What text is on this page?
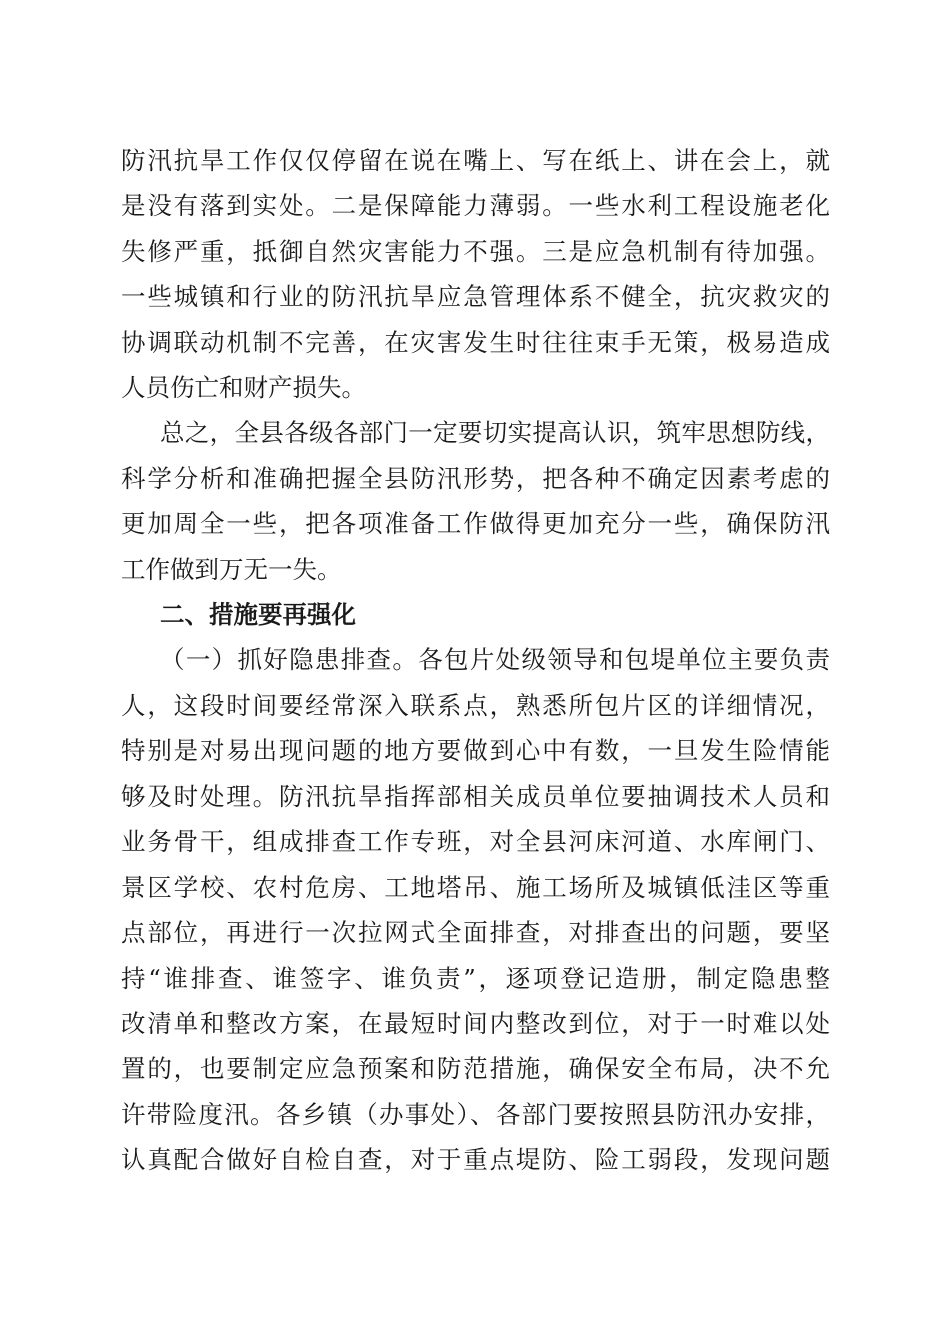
防汛抗旱工作仅仅停留在说在嘴上、写在纸上、讲在会上，就
是没有落到实处。二是保障能力薄弱。一些水利工程设施老化
失修严重，抵御自然灾害能力不强。三是应急机制有待加强。
一些城镇和行业的防汛抗旱应急管理体系不健全，抗灾救灾的
协调联动机制不完善，在灾害发生时往往束手无策，极易造成
人员伤亡和财产损失。
总之，全县各级各部门一定要切实提高认识，筑牢思想防线，
科学分析和准确把握全县防汛形势，把各种不确定因素考虑的
更加周全一些，把各项准备工作做得更加充分一些，确保防汛
工作做到万无一失。
二、措施要再强化
（一）抓好隐患排查。各包片处级领导和包堤单位主要负责
人，这段时间要经常深入联系点，熟悉所包片区的详细情况，
特别是对易出现问题的地方要做到心中有数，一旦发生险情能
够及时处理。防汛抗旱指挥部相关成员单位要抽调技术人员和
业务骨干，组成排查工作专班，对全县河床河道、水库闸门、
景区学校、农村危房、工地塔吊、施工场所及城镇低洼区等重
点部位，再进行一次拉网式全面排查，对排查出的问题，要坚
持“谁排查、谁签字、谁负责”，逐项登记造册，制定隐患整
改清单和整改方案，在最短时间内整改到位，对于一时难以处
置的，也要制定应急预案和防范措施，确保安全布局，决不允
许带险度汛。各乡镇（办事处）、各部门要按照县防汛办安排，
认真配合做好自检自查，对于重点堤防、险工弱段，发现问题
